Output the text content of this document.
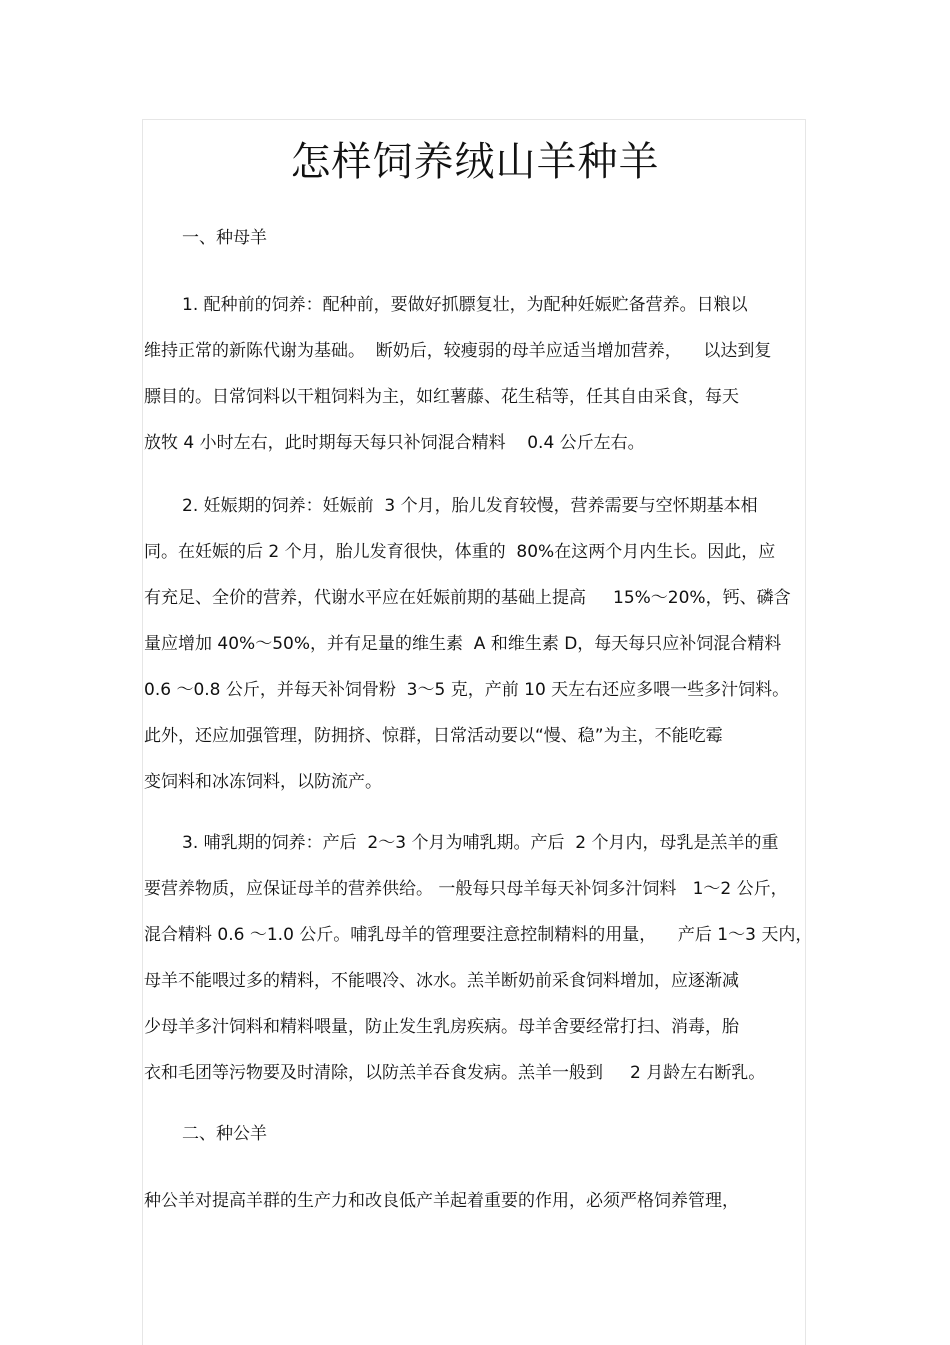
怎样饲养绒山羊种羊
一、种母羊
1. 配种前的饲养：配种前，要做好抓膘复壮，为配种妊娠贮备营养。日粮以
维持正常的新陈代谢为基础。  断奶后，较瘦弱的母羊应适当增加营养，    以达到复
膘目的。日常饲料以干粗饲料为主，如红薯藤、花生秸等，任其自由采食，每天
放牧 4 小时左右，此时期每天每只补饲混合精料    0.4 公斤左右。
2. 妊娠期的饲养：妊娠前  3 个月，胎儿发育较慢，营养需要与空怀期基本相
同。在妊娠的后 2 个月，胎儿发育很快，体重的  80%在这两个月内生长。因此，应
有充足、全价的营养，代谢水平应在妊娠前期的基础上提高     15%～20%，钙、磷含
量应增加 40%～50%，并有足量的维生素  A 和维生素 D，每天每只应补饲混合精料
0.6 ～0.8 公斤，并每天补饲骨粉  3～5 克，产前 10 天左右还应多喂一些多汁饲料。
此外，还应加强管理，防拥挤、惊群，日常活动要以“慢、稳”为主，不能吃霉
变饲料和冰冻饲料，以防流产。
3. 哺乳期的饲养：产后  2～3 个月为哺乳期。产后  2 个月内，母乳是羔羊的重
要营养物质，应保证母羊的营养供给。 一般每只母羊每天补饲多汁饲料   1～2 公斤，
混合精料 0.6 ～1.0 公斤。哺乳母羊的管理要注意控制精料的用量，    产后 1～3 天内，
母羊不能喂过多的精料，不能喂冷、冰水。羔羊断奶前采食饲料增加，应逐渐减
少母羊多汁饲料和精料喂量，防止发生乳房疾病。母羊舍要经常打扫、消毒，胎
衣和毛团等污物要及时清除，以防羔羊吞食发病。羔羊一般到     2 月龄左右断乳。
二、种公羊
种公羊对提高羊群的生产力和改良低产羊起着重要的作用，必须严格饲养管理，
